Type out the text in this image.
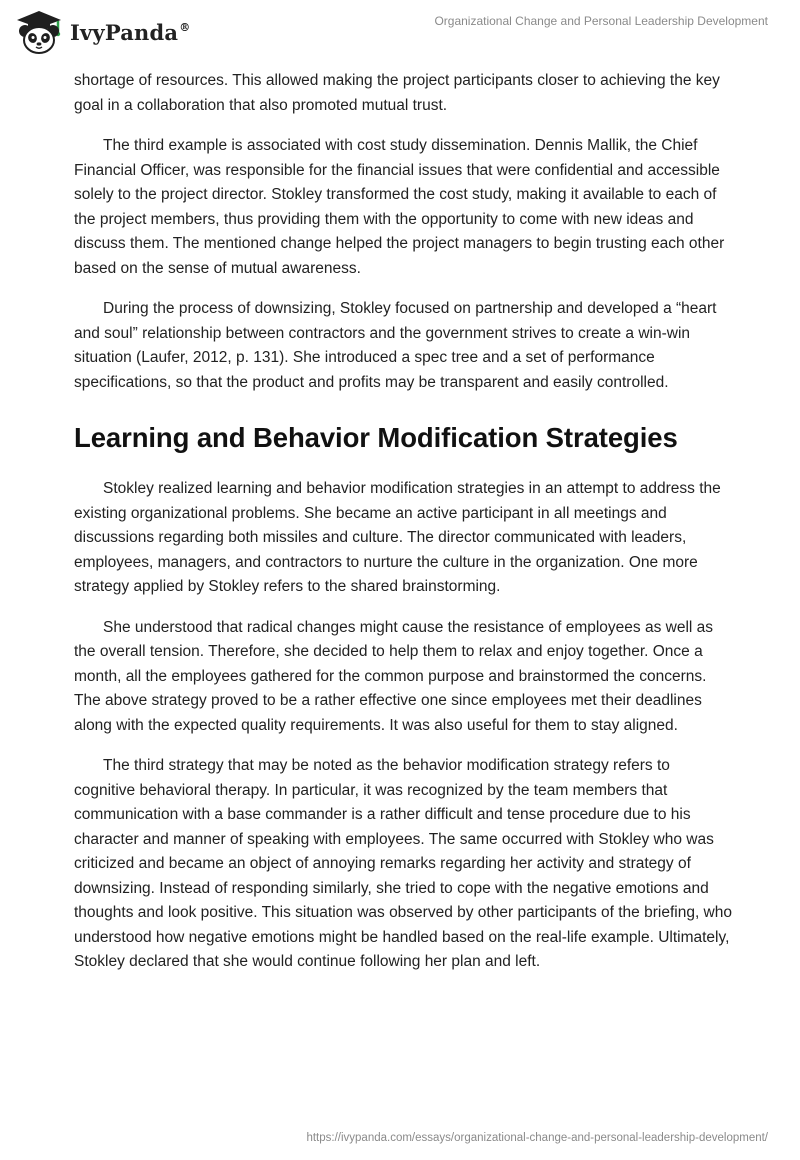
IvyPanda®	Organizational Change and Personal Leadership Development

shortage of resources. This allowed making the project participants closer to achieving the key goal in a collaboration that also promoted mutual trust.

The third example is associated with cost study dissemination. Dennis Mallik, the Chief Financial Officer, was responsible for the financial issues that were confidential and accessible solely to the project director. Stokley transformed the cost study, making it available to each of the project members, thus providing them with the opportunity to come with new ideas and discuss them. The mentioned change helped the project managers to begin trusting each other based on the sense of mutual awareness.

During the process of downsizing, Stokley focused on partnership and developed a “heart and soul” relationship between contractors and the government strives to create a win-win situation (Laufer, 2012, p. 131). She introduced a spec tree and a set of performance specifications, so that the product and profits may be transparent and easily controlled.

Learning and Behavior Modification Strategies

Stokley realized learning and behavior modification strategies in an attempt to address the existing organizational problems. She became an active participant in all meetings and discussions regarding both missiles and culture. The director communicated with leaders, employees, managers, and contractors to nurture the culture in the organization. One more strategy applied by Stokley refers to the shared brainstorming.

She understood that radical changes might cause the resistance of employees as well as the overall tension. Therefore, she decided to help them to relax and enjoy together. Once a month, all the employees gathered for the common purpose and brainstormed the concerns. The above strategy proved to be a rather effective one since employees met their deadlines along with the expected quality requirements. It was also useful for them to stay aligned.

The third strategy that may be noted as the behavior modification strategy refers to cognitive behavioral therapy. In particular, it was recognized by the team members that communication with a base commander is a rather difficult and tense procedure due to his character and manner of speaking with employees. The same occurred with Stokley who was criticized and became an object of annoying remarks regarding her activity and strategy of downsizing. Instead of responding similarly, she tried to cope with the negative emotions and thoughts and look positive. This situation was observed by other participants of the briefing, who understood how negative emotions might be handled based on the real-life example. Ultimately, Stokley declared that she would continue following her plan and left.

https://ivypanda.com/essays/organizational-change-and-personal-leadership-development/
